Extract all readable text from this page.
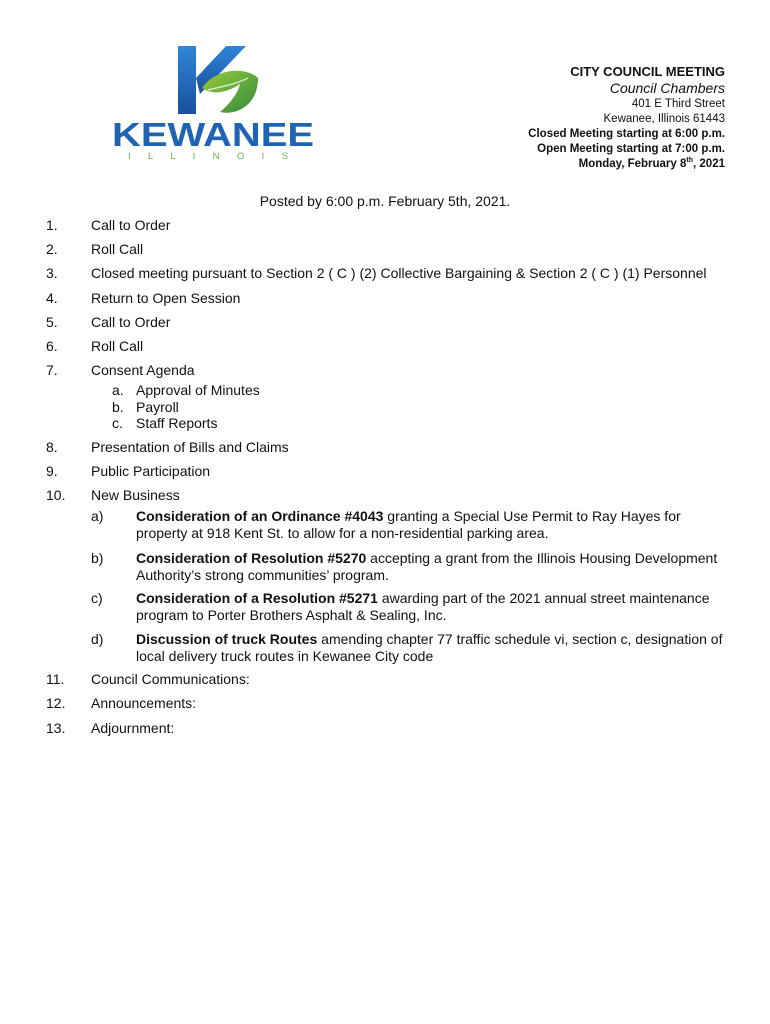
KEWANEE
I L L I N O I S
CITY COUNCIL MEETING
Council Chambers
401 E Third Street
Kewanee, Illinois 61443
Closed Meeting starting at 6:00 p.m.
Open Meeting starting at 7:00 p.m.
Monday, February 8th, 2021
Posted by 6:00 p.m. February 5th, 2021.
1. Call to Order
2. Roll Call
3. Closed meeting pursuant to Section 2 ( C ) (2) Collective Bargaining & Section 2 ( C ) (1) Personnel
4. Return to Open Session
5. Call to Order
6. Roll Call
7. Consent Agenda
a. Approval of Minutes
b. Payroll
c. Staff Reports
8. Presentation of Bills and Claims
9. Public Participation
10. New Business
a) Consideration of an Ordinance #4043 granting a Special Use Permit to Ray Hayes for
property at 918 Kent St. to allow for a non-residential parking area.
b) Consideration of Resolution #5270 accepting a grant from the Illinois Housing Development
Authority’s strong communities’ program.
c) Consideration of a Resolution #5271 awarding part of the 2021 annual street maintenance
program to Porter Brothers Asphalt & Sealing, Inc.
d) Discussion of truck Routes amending chapter 77 traffic schedule vi, section c, designation of
local delivery truck routes in Kewanee City code
11. Council Communications:
12. Announcements:
13. Adjournment:
